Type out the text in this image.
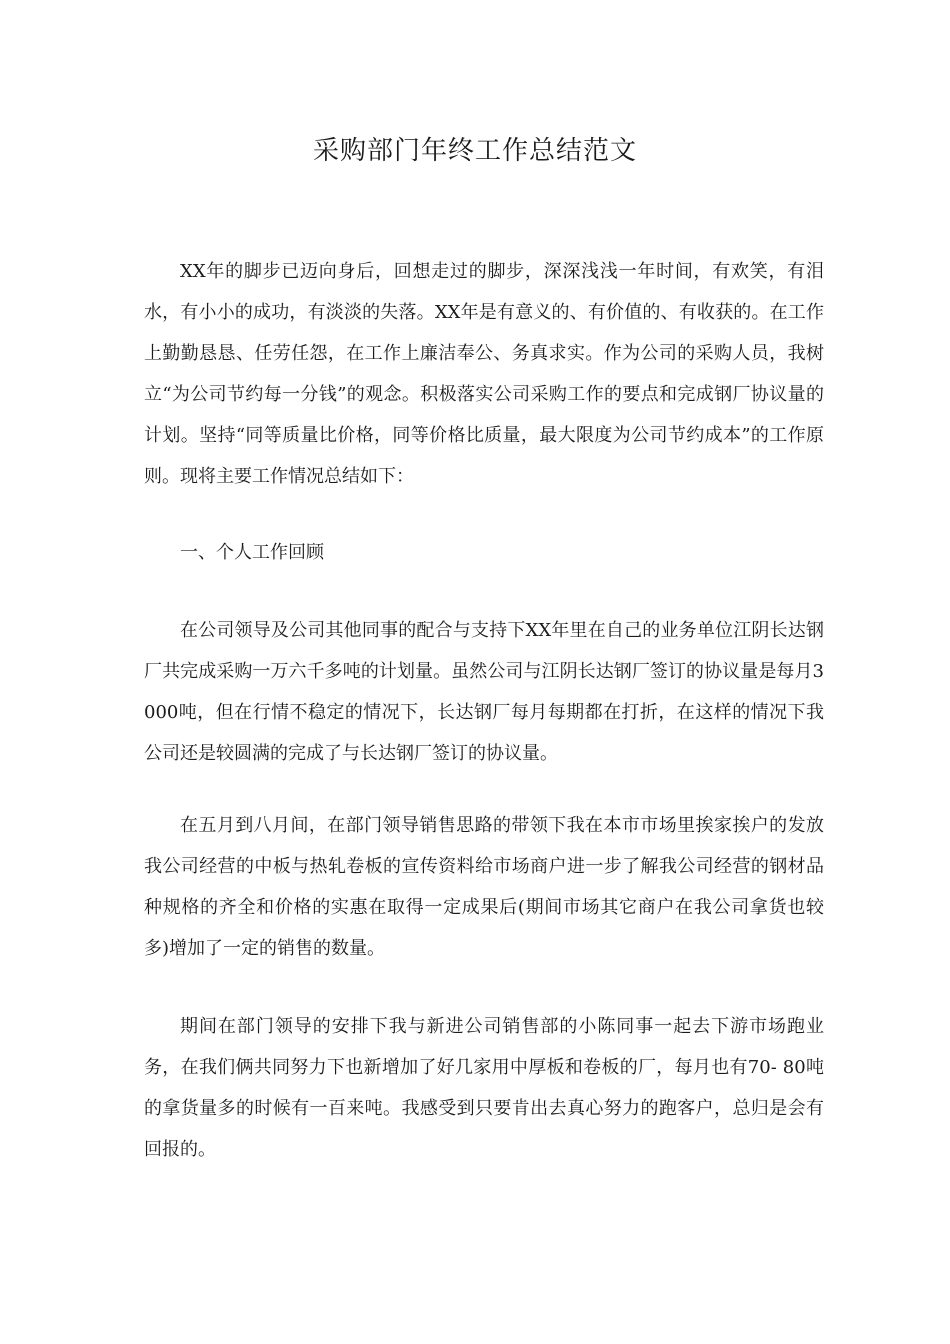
采购部门年终工作总结范文

XX年的脚步已迈向身后，回想走过的脚步，深深浅浅一年时间，有欢笑，有泪水，有小小的成功，有淡淡的失落。XX年是有意义的、有价值的、有收获的。在工作上勤勤恳恳、任劳任怨，在工作上廉洁奉公、务真求实。作为公司的采购人员，我树立“为公司节约每一分钱”的观念。积极落实公司采购工作的要点和完成钢厂协议量的计划。坚持“同等质量比价格，同等价格比质量，最大限度为公司节约成本”的工作原则。现将主要工作情况总结如下：

一、个人工作回顾

在公司领导及公司其他同事的配合与支持下XX年里在自己的业务单位江阴长达钢厂共完成采购一万六千多吨的计划量。虽然公司与江阴长达钢厂签订的协议量是每月3000吨，但在行情不稳定的情况下，长达钢厂每月每期都在打折，在这样的情况下我公司还是较圆满的完成了与长达钢厂签订的协议量。

在五月到八月间，在部门领导销售思路的带领下我在本市市场里挨家挨户的发放我公司经营的中板与热轧卷板的宣传资料给市场商户进一步了解我公司经营的钢材品种规格的齐全和价格的实惠在取得一定成果后(期间市场其它商户在我公司拿货也较多)增加了一定的销售的数量。

期间在部门领导的安排下我与新进公司销售部的小陈同事一起去下游市场跑业务，在我们俩共同努力下也新增加了好几家用中厚板和卷板的厂，每月也有70- 80吨的拿货量多的时候有一百来吨。我感受到只要肯出去真心努力的跑客户，总归是会有回报的。
